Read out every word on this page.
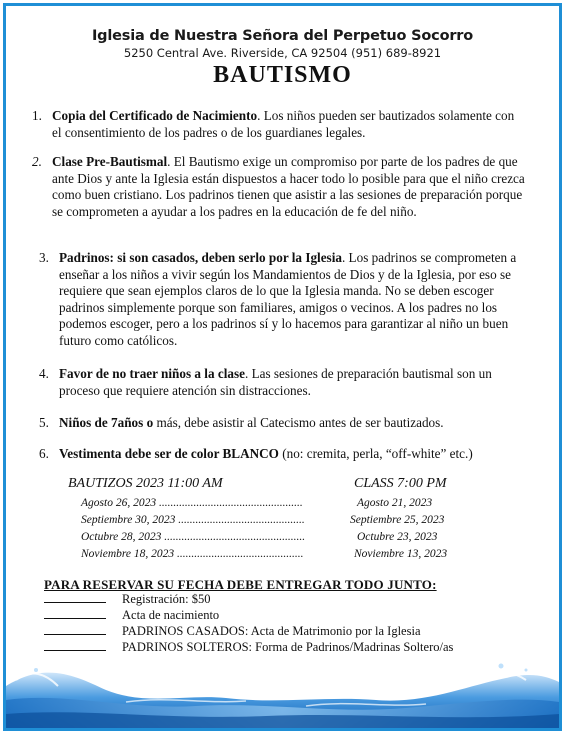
Iglesia de Nuestra Señora del Perpetuo Socorro
5250 Central Ave. Riverside, CA 92504 (951) 689-8921
BAUTISMO
1. Copia del Certificado de Nacimiento. Los niños pueden ser bautizados solamente con el consentimiento de los padres o de los guardianes legales.
2. Clase Pre-Bautismal. El Bautismo exige un compromiso por parte de los padres de que ante Dios y ante la Iglesia están dispuestos a hacer todo lo posible para que el niño crezca como buen cristiano. Los padrinos tienen que asistir a las sesiones de preparación porque se comprometen a ayudar a los padres en la educación de fe del niño.
3. Padrinos: si son casados, deben serlo por la Iglesia. Los padrinos se comprometen a enseñar a los niños a vivir según los Mandamientos de Dios y de la Iglesia, por eso se requiere que sean ejemplos claros de lo que la Iglesia manda. No se deben escoger padrinos simplemente porque son familiares, amigos o vecinos. A los padres no los podemos escoger, pero a los padrinos sí y lo hacemos para garantizar al niño un buen futuro como católicos.
4. Favor de no traer niños a la clase. Las sesiones de preparación bautismal son un proceso que requiere atención sin distracciones.
5. Niños de 7años o más, debe asistir al Catecismo antes de ser bautizados.
6. Vestimenta debe ser de color BLANCO (no: cremita, perla, “off-white” etc.)
BAUTIZOS 2023 11:00 AM	CLASS 7:00 PM
Agosto 26, 2023 ..................................................	Agosto 21, 2023
Septiembre 30, 2023 ............................................	Septiembre 25, 2023
Octubre 28, 2023 .................................................	Octubre 23, 2023
Noviembre 18, 2023 ............................................	Noviembre 13, 2023
PARA RESERVAR SU FECHA DEBE ENTREGAR TODO JUNTO:
Registración: $50
Acta de nacimiento
PADRINOS CASADOS: Acta de Matrimonio por la Iglesia
PADRINOS SOLTEROS: Forma de Padrinos/Madrinas Soltero/as
